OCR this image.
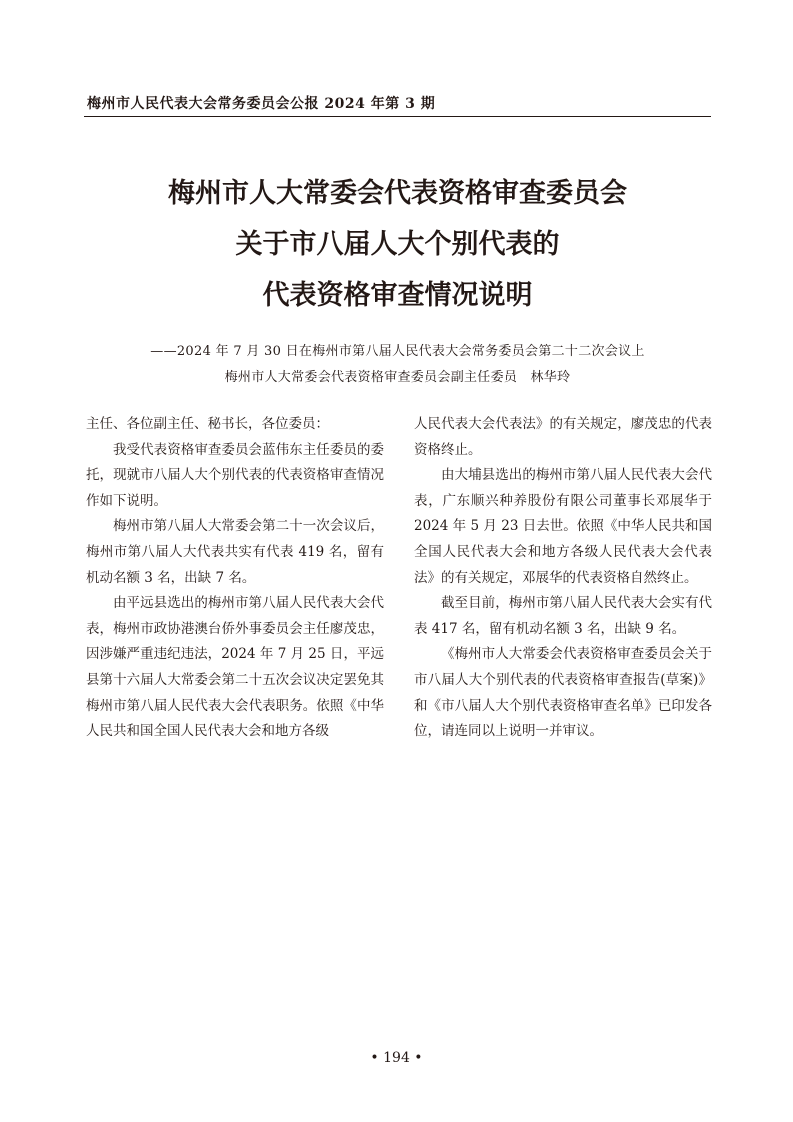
梅州市人民代表大会常务委员会公报 2024 年第 3 期
梅州市人大常委会代表资格审查委员会
关于市八届人大个别代表的
代表资格审查情况说明
——2024 年 7 月 30 日在梅州市第八届人民代表大会常务委员会第二十二次会议上
梅州市人大常委会代表资格审查委员会副主任委员　林华玲

主任、各位副主任、秘书长，各位委员：

我受代表资格审查委员会蓝伟东主任委员的委托，现就市八届人大个别代表的代表资格审查情况作如下说明。

梅州市第八届人大常委会第二十一次会议后，梅州市第八届人大代表共实有代表 419 名，留有机动名额 3 名，出缺 7 名。

由平远县选出的梅州市第八届人民代表大会代表，梅州市政协港澳台侨外事委员会主任廖茂忠，因涉嫌严重违纪违法，2024 年 7 月 25 日，平远县第十六届人大常委会第二十五次会议决定罢免其梅州市第八届人民代表大会代表职务。依照《中华人民共和国全国人民代表大会和地方各级

人民代表大会代表法》的有关规定，廖茂忠的代表资格终止。

由大埔县选出的梅州市第八届人民代表大会代表，广东顺兴种养股份有限公司董事长邓展华于 2024 年 5 月 23 日去世。依照《中华人民共和国全国人民代表大会和地方各级人民代表大会代表法》的有关规定，邓展华的代表资格自然终止。

截至目前，梅州市第八届人民代表大会实有代表 417 名，留有机动名额 3 名，出缺 9 名。

《梅州市人大常委会代表资格审查委员会关于市八届人大个别代表的代表资格审查报告(草案)》和《市八届人大个别代表资格审查名单》已印发各位，请连同以上说明一并审议。

• 194 •
